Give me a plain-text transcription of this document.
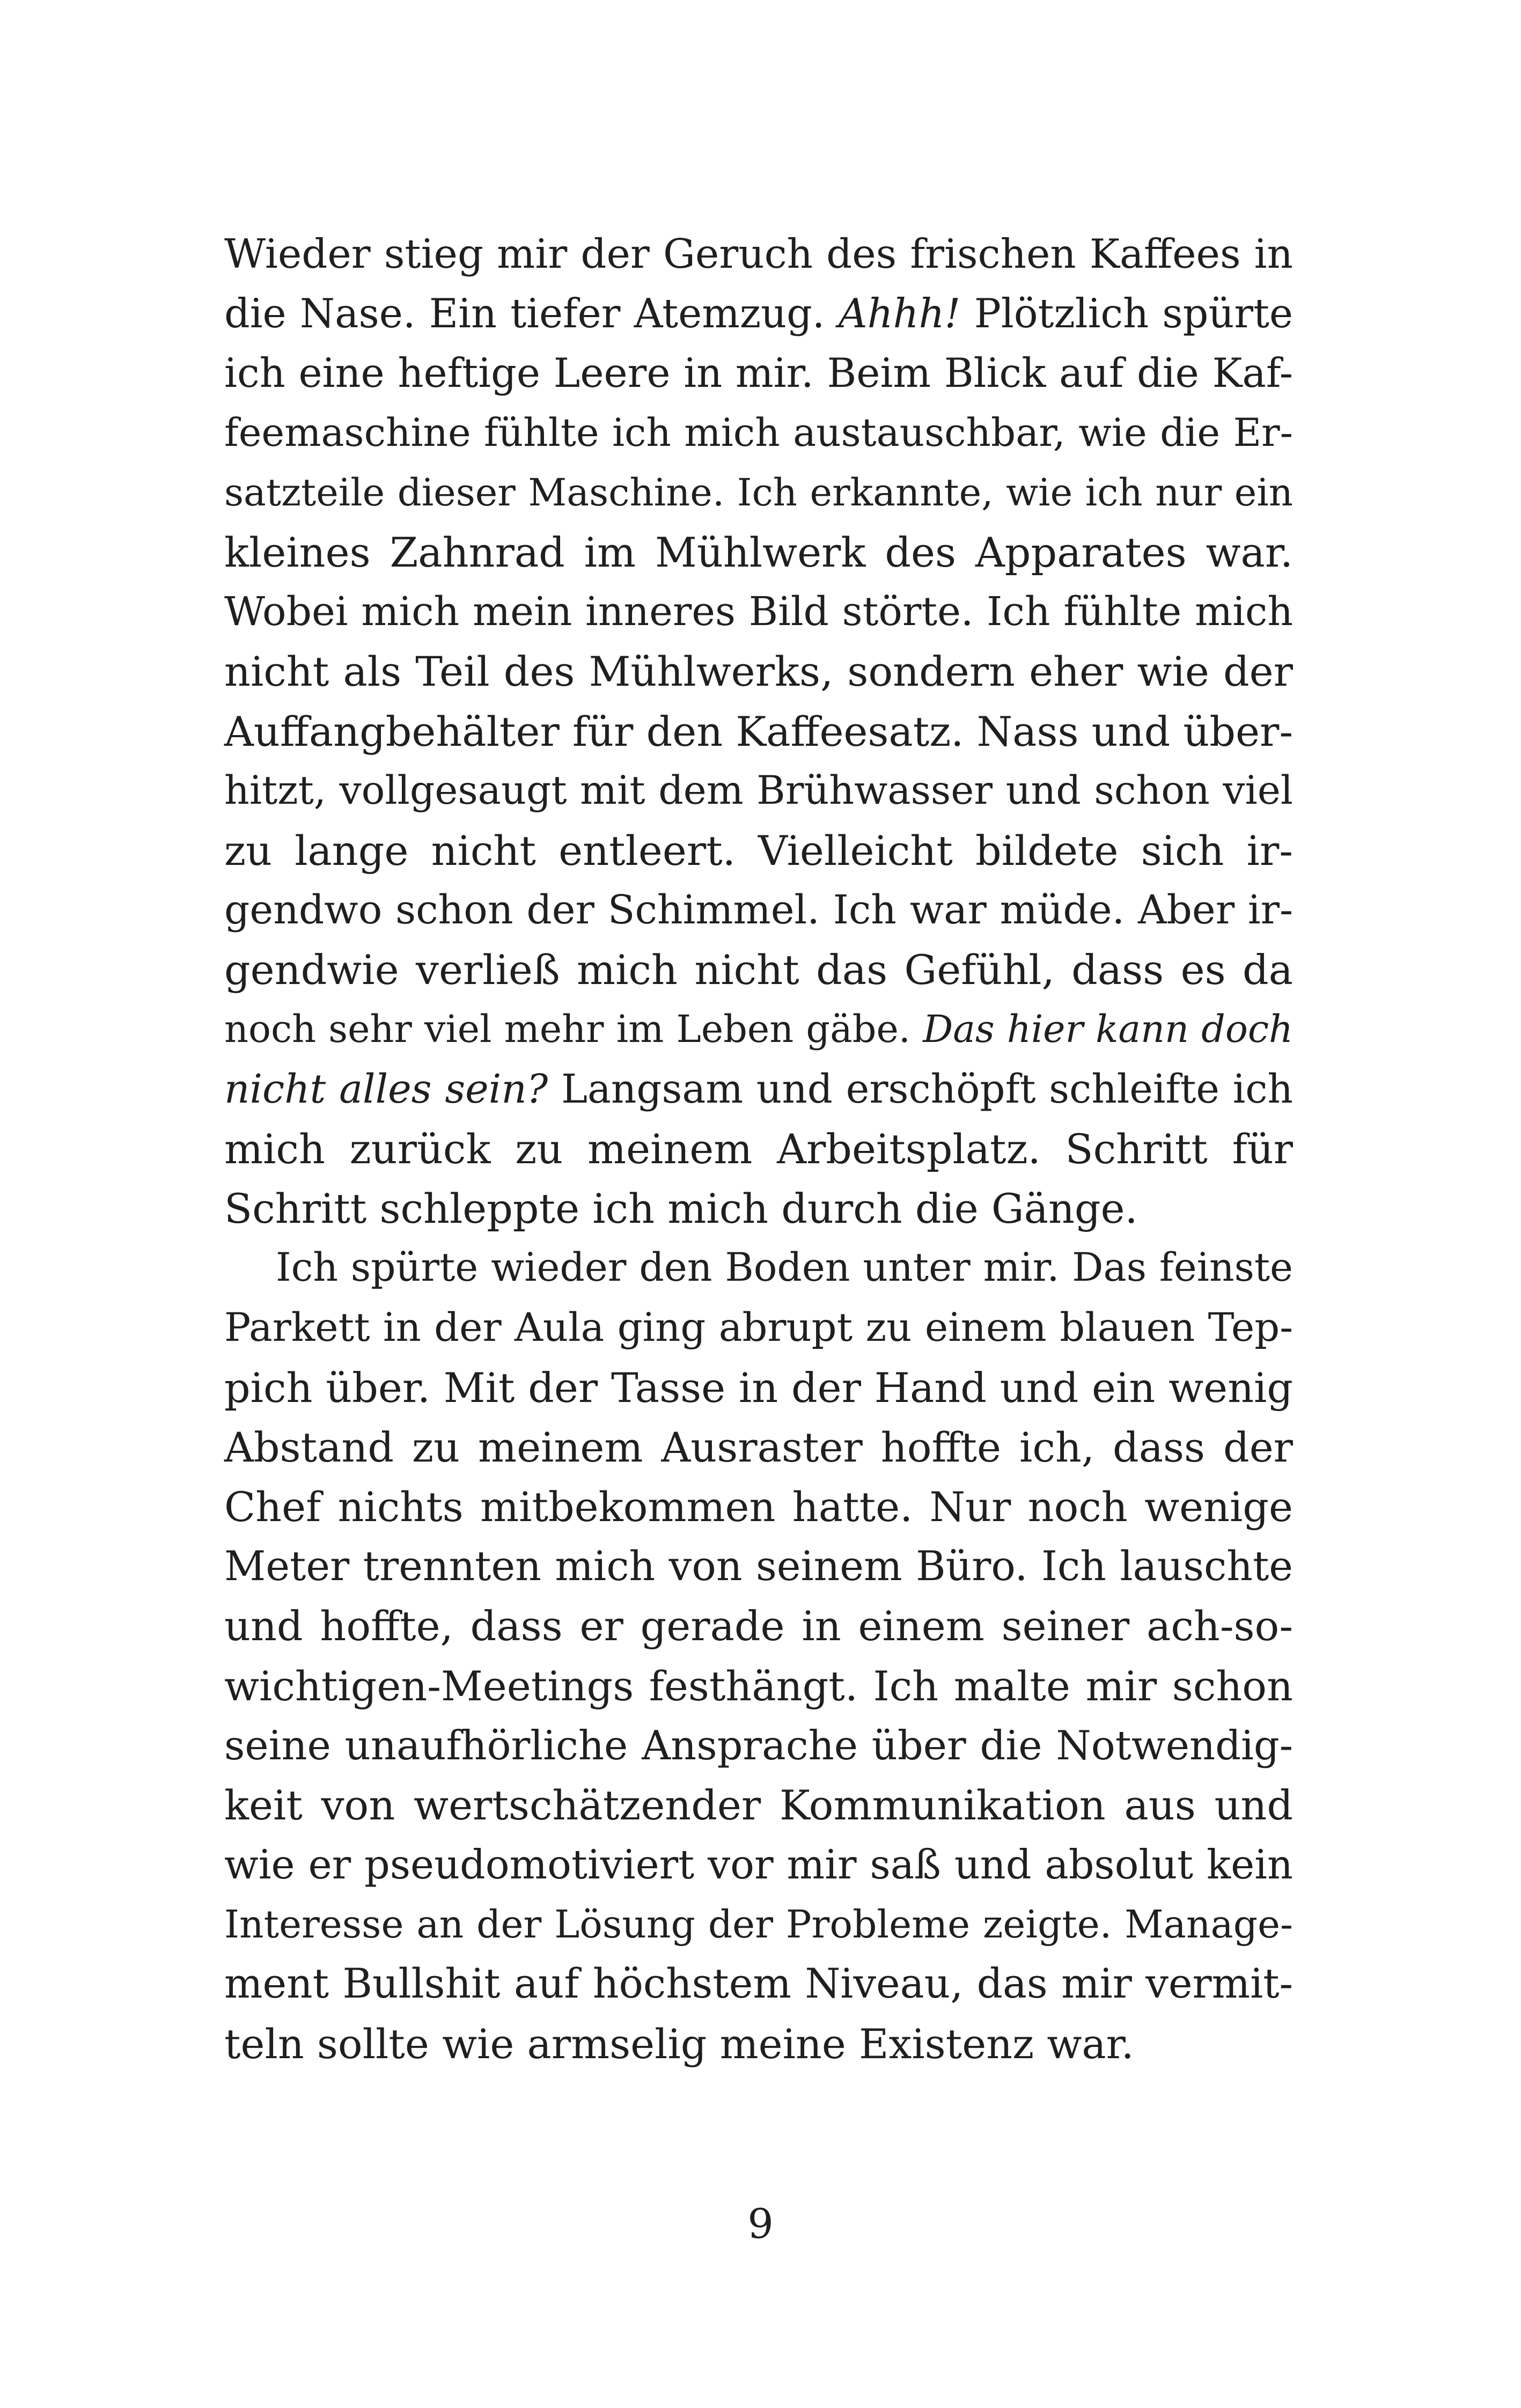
Wieder stieg mir der Geruch des frischen Kaffees in
die Nase. Ein tiefer Atemzug. Ahhh! Plötzlich spürte
ich eine heftige Leere in mir. Beim Blick auf die Kaf-
feemaschine fühlte ich mich austauschbar, wie die Er-
satzteile dieser Maschine. Ich erkannte, wie ich nur ein
kleines Zahnrad im Mühlwerk des Apparates war.
Wobei mich mein inneres Bild störte. Ich fühlte mich
nicht als Teil des Mühlwerks, sondern eher wie der
Auffangbehälter für den Kaffeesatz. Nass und über-
hitzt, vollgesaugt mit dem Brühwasser und schon viel
zu lange nicht entleert. Vielleicht bildete sich ir-
gendwo schon der Schimmel. Ich war müde. Aber ir-
gendwie verließ mich nicht das Gefühl, dass es da
noch sehr viel mehr im Leben gäbe. Das hier kann doch
nicht alles sein? Langsam und erschöpft schleifte ich
mich zurück zu meinem Arbeitsplatz. Schritt für
Schritt schleppte ich mich durch die Gänge.
Ich spürte wieder den Boden unter mir. Das feinste
Parkett in der Aula ging abrupt zu einem blauen Tep-
pich über. Mit der Tasse in der Hand und ein wenig
Abstand zu meinem Ausraster hoffte ich, dass der
Chef nichts mitbekommen hatte. Nur noch wenige
Meter trennten mich von seinem Büro. Ich lauschte
und hoffte, dass er gerade in einem seiner ach-so-
wichtigen-Meetings festhängt. Ich malte mir schon
seine unaufhörliche Ansprache über die Notwendig-
keit von wertschätzender Kommunikation aus und
wie er pseudomotiviert vor mir saß und absolut kein
Interesse an der Lösung der Probleme zeigte. Manage-
ment Bullshit auf höchstem Niveau, das mir vermit-
teln sollte wie armselig meine Existenz war.
9
